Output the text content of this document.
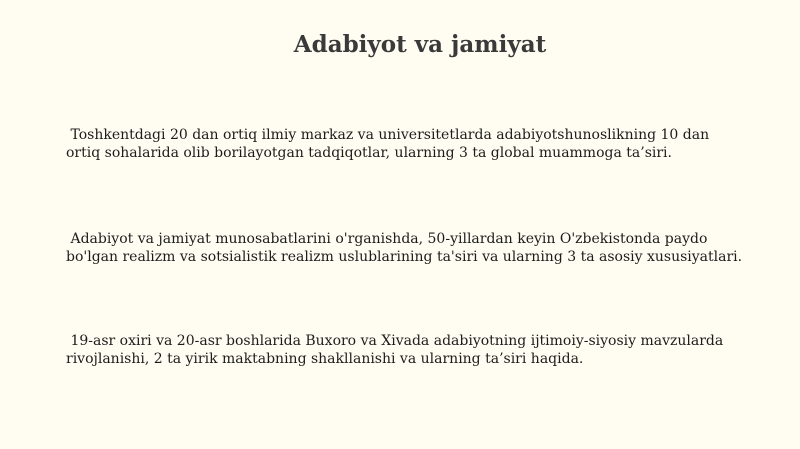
Adabiyot va jamiyat

Toshkentdagi 20 dan ortiq ilmiy markaz va universitetlarda adabiyotshunoslikning 10 dan ortiq sohalarida olib borilayotgan tadqiqotlar, ularning 3 ta global muammoga ta’siri.

Adabiyot va jamiyat munosabatlarini o'rganishda, 50-yillardan keyin O'zbekistonda paydo bo'lgan realizm va sotsialistik realizm uslublarining ta'siri va ularning 3 ta asosiy xususiyatlari.

19-asr oxiri va 20-asr boshlarida Buxoro va Xivada adabiyotning ijtimoiy-siyosiy mavzularda rivojlanishi, 2 ta yirik maktabning shakllanishi va ularning ta’siri haqida.
